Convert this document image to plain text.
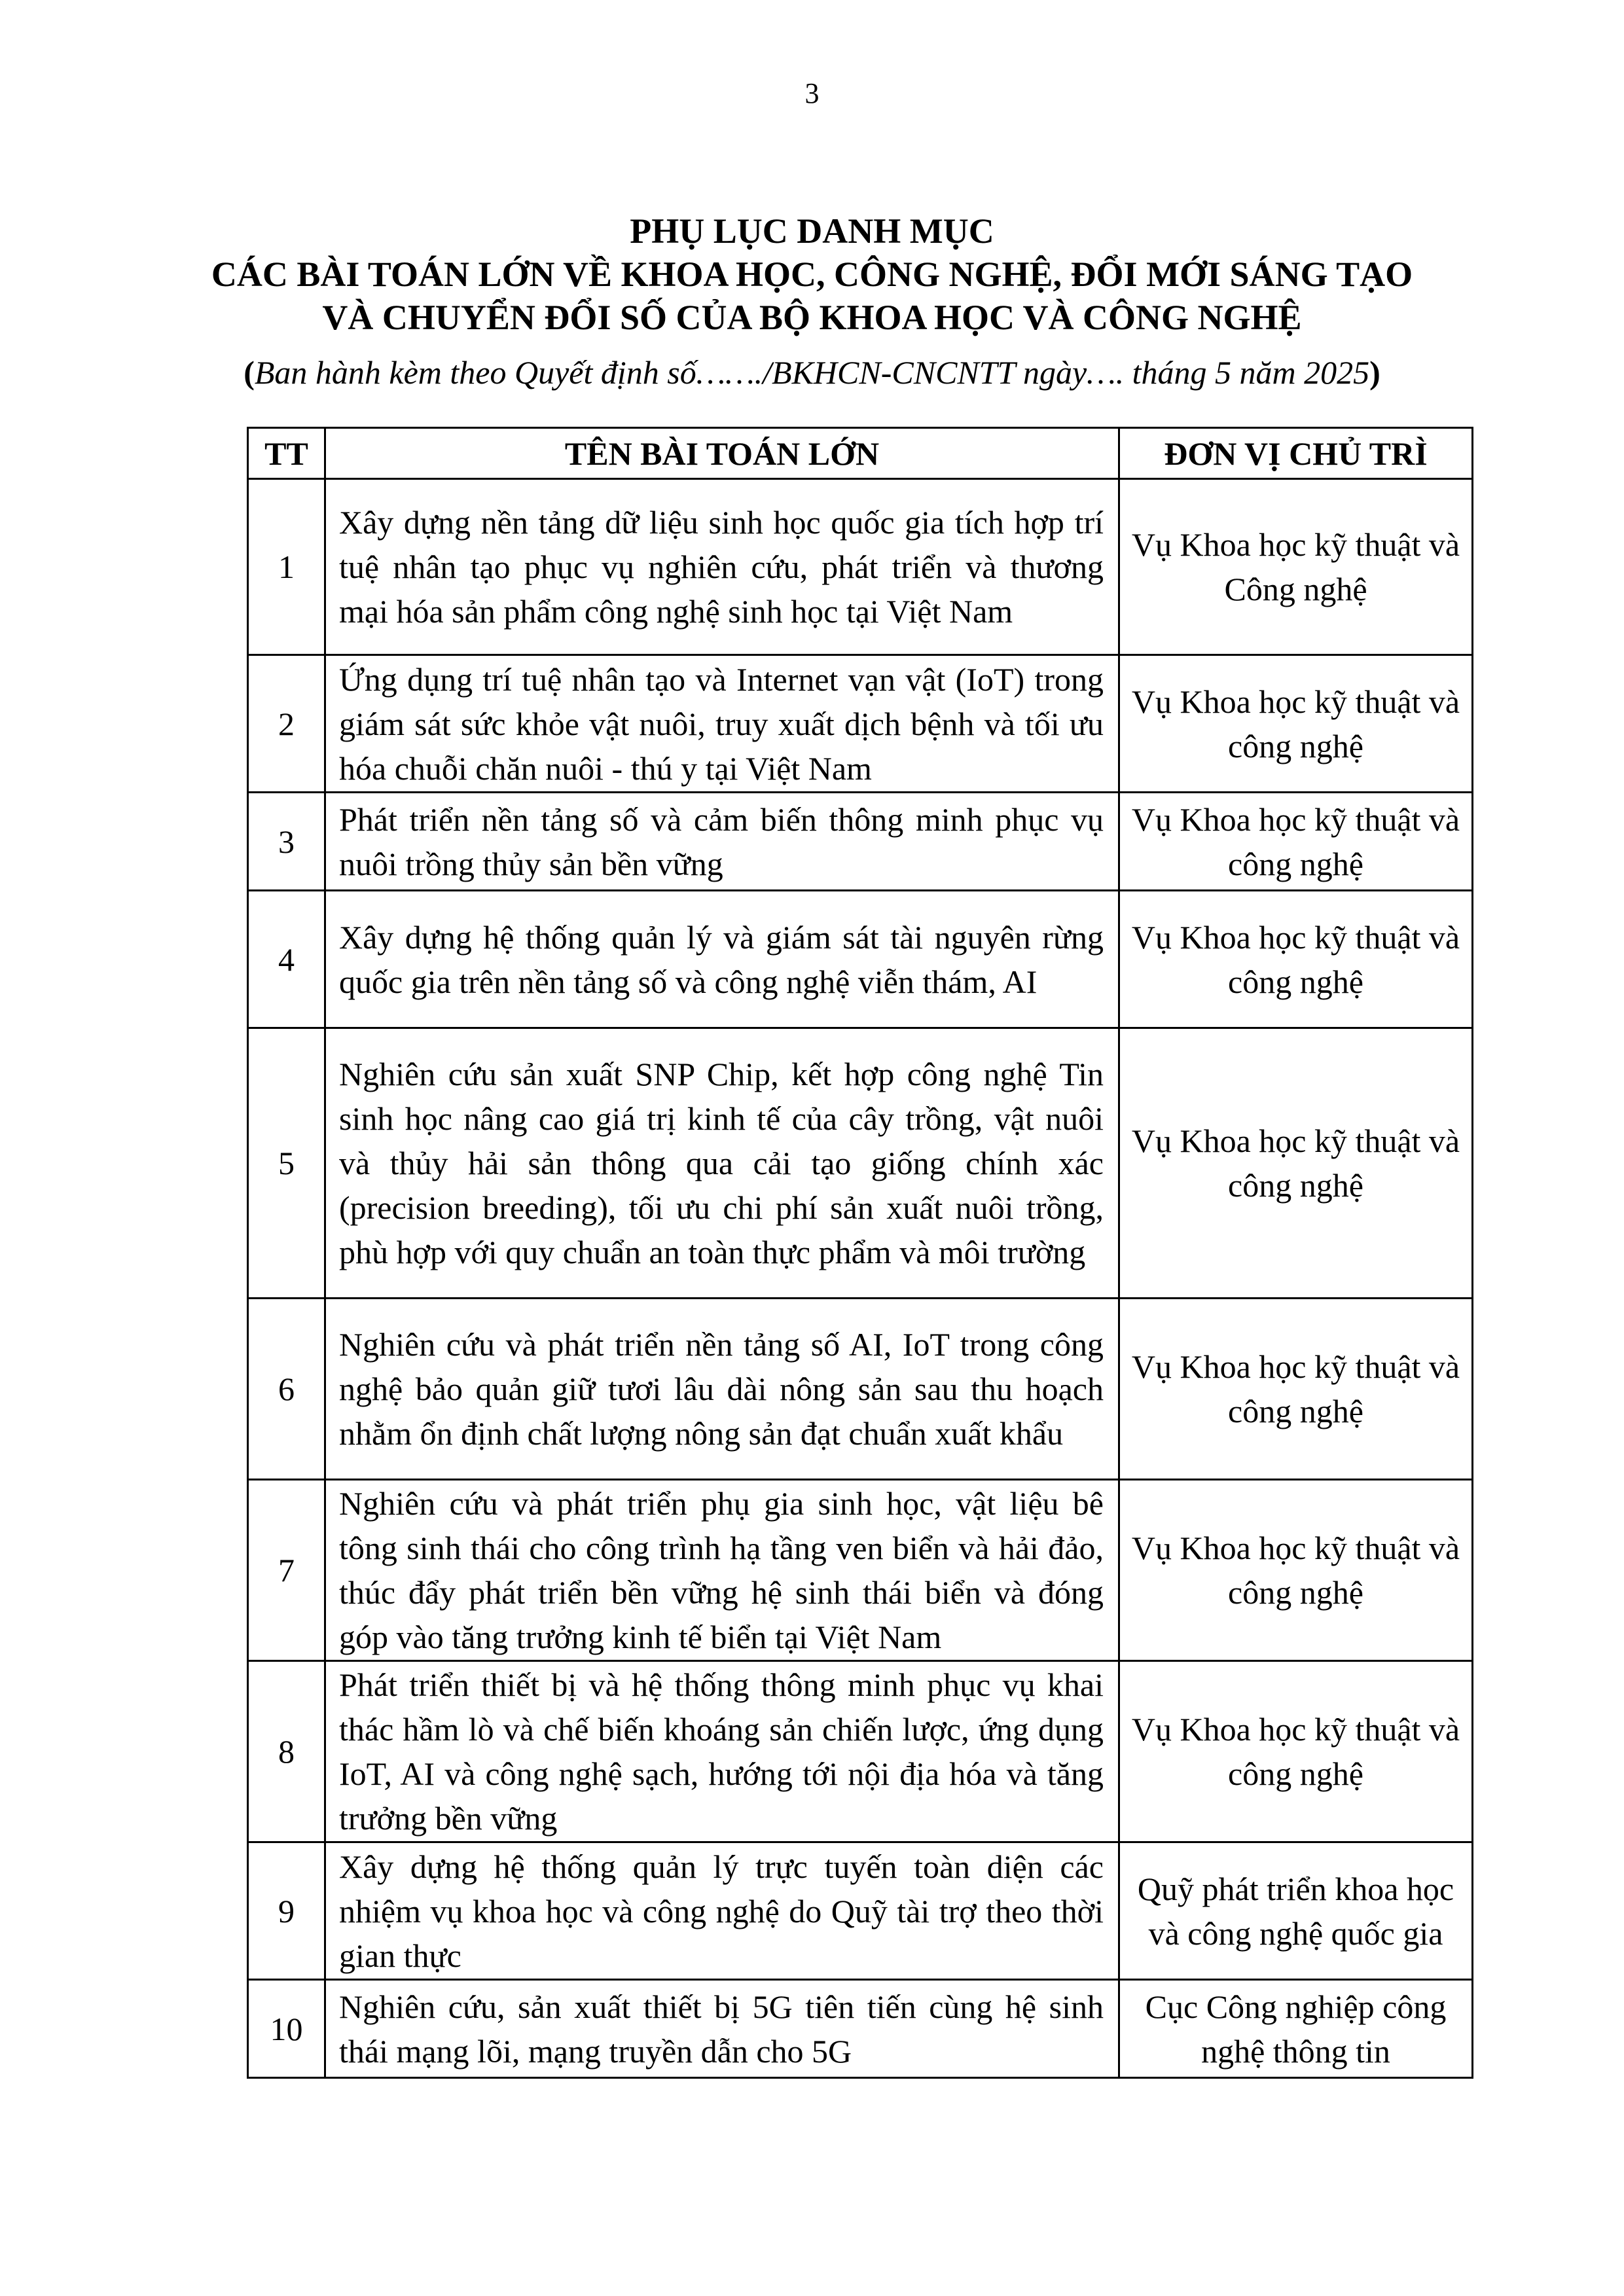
3
PHỤ LỤC DANH MỤC
CÁC BÀI TOÁN LỚN VỀ KHOA HỌC, CÔNG NGHỆ, ĐỔI MỚI SÁNG TẠO
VÀ CHUYỂN ĐỔI SỐ CỦA BỘ KHOA HỌC VÀ CÔNG NGHỆ
(Ban hành kèm theo Quyết định số……./BKHCN-CNCNTT ngày…. tháng 5 năm 2025)
TT	TÊN BÀI TOÁN LỚN	ĐƠN VỊ CHỦ TRÌ
1	Xây dựng nền tảng dữ liệu sinh học quốc gia tích hợp trí tuệ nhân tạo phục vụ nghiên cứu, phát triển và thương mại hóa sản phẩm công nghệ sinh học tại Việt Nam	Vụ Khoa học kỹ thuật và Công nghệ
2	Ứng dụng trí tuệ nhân tạo và Internet vạn vật (IoT) trong giám sát sức khỏe vật nuôi, truy xuất dịch bệnh và tối ưu hóa chuỗi chăn nuôi - thú y tại Việt Nam	Vụ Khoa học kỹ thuật và công nghệ
3	Phát triển nền tảng số và cảm biến thông minh phục vụ nuôi trồng thủy sản bền vững	Vụ Khoa học kỹ thuật và công nghệ
4	Xây dựng hệ thống quản lý và giám sát tài nguyên rừng quốc gia trên nền tảng số và công nghệ viễn thám, AI	Vụ Khoa học kỹ thuật và công nghệ
5	Nghiên cứu sản xuất SNP Chip, kết hợp công nghệ Tin sinh học nâng cao giá trị kinh tế của cây trồng, vật nuôi và thủy hải sản thông qua cải tạo giống chính xác (precision breeding), tối ưu chi phí sản xuất nuôi trồng, phù hợp với quy chuẩn an toàn thực phẩm và môi trường	Vụ Khoa học kỹ thuật và công nghệ
6	Nghiên cứu và phát triển nền tảng số AI, IoT trong công nghệ bảo quản giữ tươi lâu dài nông sản sau thu hoạch nhằm ổn định chất lượng nông sản đạt chuẩn xuất khẩu	Vụ Khoa học kỹ thuật và công nghệ
7	Nghiên cứu và phát triển phụ gia sinh học, vật liệu bê tông sinh thái cho công trình hạ tầng ven biển và hải đảo, thúc đẩy phát triển bền vững hệ sinh thái biển và đóng góp vào tăng trưởng kinh tế biển tại Việt Nam	Vụ Khoa học kỹ thuật và công nghệ
8	Phát triển thiết bị và hệ thống thông minh phục vụ khai thác hầm lò và chế biến khoáng sản chiến lược, ứng dụng IoT, AI và công nghệ sạch, hướng tới nội địa hóa và tăng trưởng bền vững	Vụ Khoa học kỹ thuật và công nghệ
9	Xây dựng hệ thống quản lý trực tuyến toàn diện các nhiệm vụ khoa học và công nghệ do Quỹ tài trợ theo thời gian thực	Quỹ phát triển khoa học và công nghệ quốc gia
10	Nghiên cứu, sản xuất thiết bị 5G tiên tiến cùng hệ sinh thái mạng lõi, mạng truyền dẫn cho 5G	Cục Công nghiệp công nghệ thông tin
